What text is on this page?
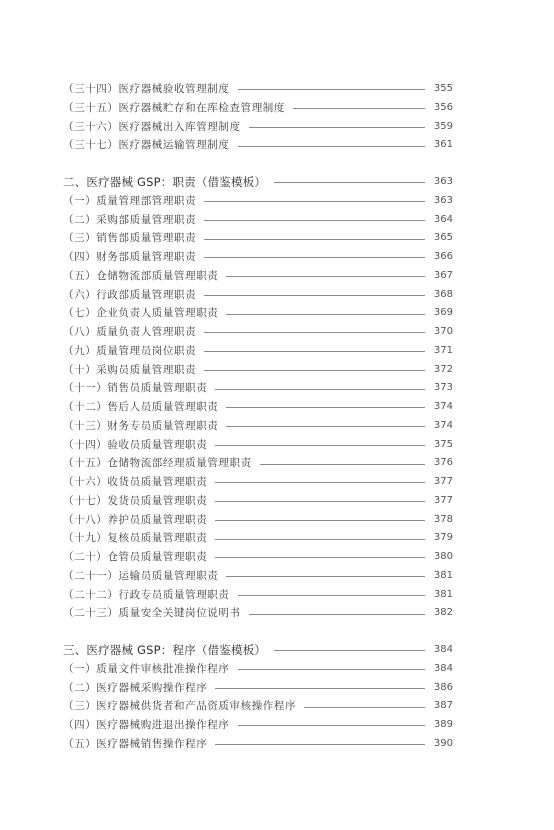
（三十四）医疗器械验收管理制度	355
（三十五）医疗器械贮存和在库检查管理制度	356
（三十六）医疗器械出入库管理制度	359
（三十七）医疗器械运输管理制度	361
二、医疗器械 GSP：职责（借鉴模板）	363
（一）质量管理部管理职责	363
（二）采购部质量管理职责	364
（三）销售部质量管理职责	365
（四）财务部质量管理职责	366
（五）仓储物流部质量管理职责	367
（六）行政部质量管理职责	368
（七）企业负责人质量管理职责	369
（八）质量负责人管理职责	370
（九）质量管理员岗位职责	371
（十）采购员质量管理职责	372
（十一）销售员质量管理职责	373
（十二）售后人员质量管理职责	374
（十三）财务专员质量管理职责	374
（十四）验收员质量管理职责	375
（十五）仓储物流部经理质量管理职责	376
（十六）收货员质量管理职责	377
（十七）发货员质量管理职责	377
（十八）养护员质量管理职责	378
（十九）复核员质量管理职责	379
（二十）仓管员质量管理职责	380
（二十一）运输员质量管理职责	381
（二十二）行政专员质量管理职责	381
（二十三）质量安全关键岗位说明书	382
三、医疗器械 GSP：程序（借鉴模板）	384
（一）质量文件审核批准操作程序	384
（二）医疗器械采购操作程序	386
（三）医疗器械供货者和产品资质审核操作程序	387
（四）医疗器械购进退出操作程序	389
（五）医疗器械销售操作程序	390
